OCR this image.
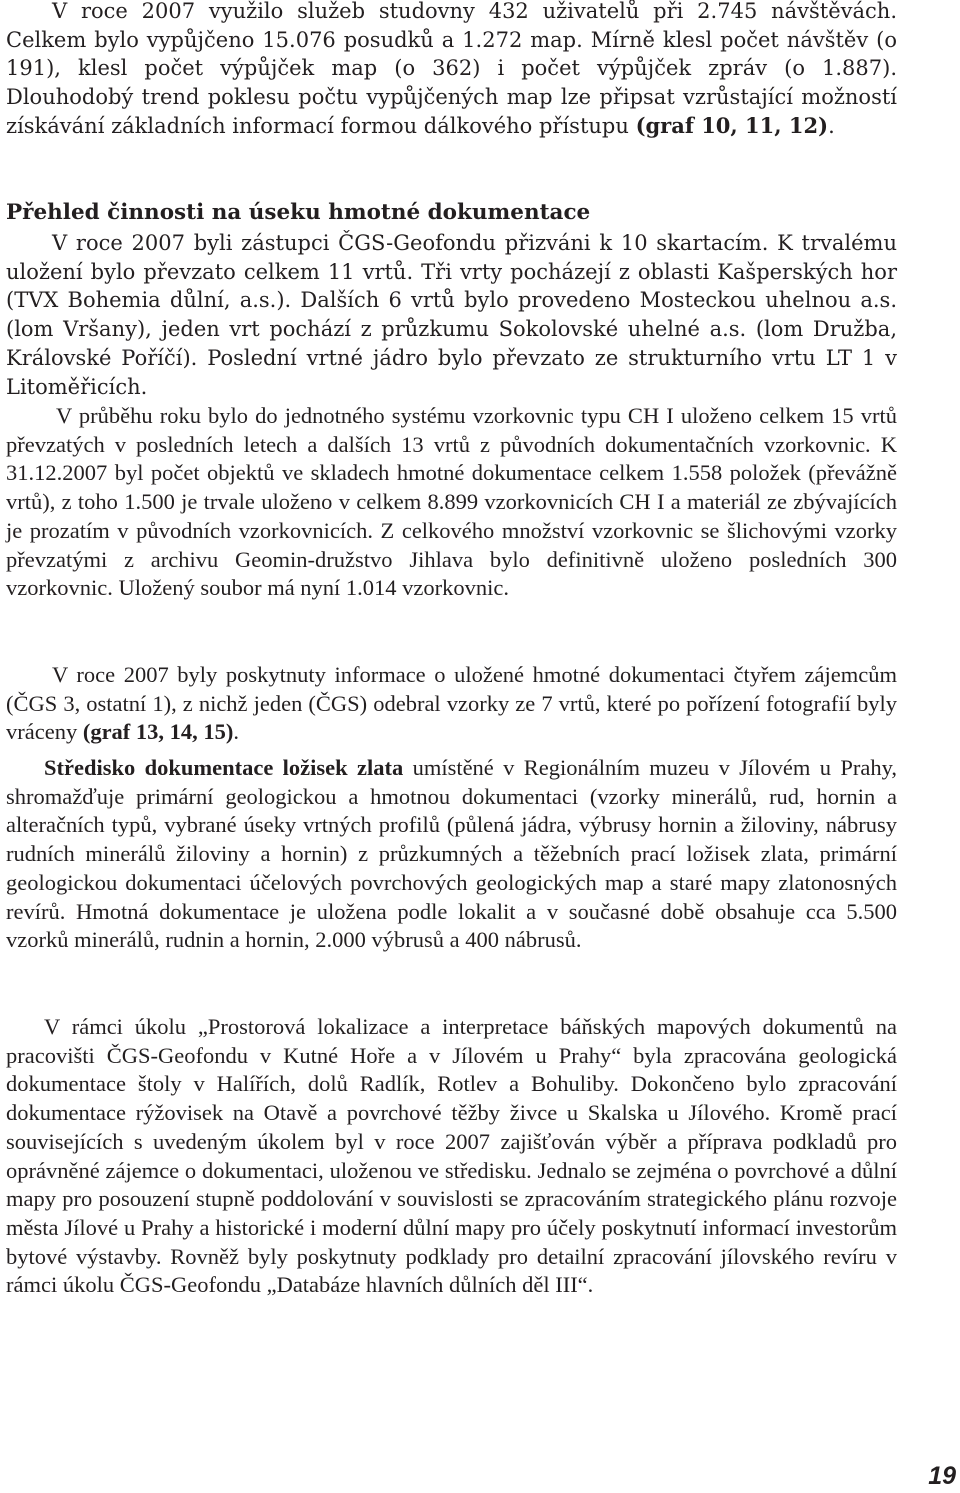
V roce 2007 využilo služeb studovny 432 uživatelů při 2.745 návštěvách. Celkem bylo vypůjčeno 15.076 posudků a 1.272 map. Mírně klesl počet návštěv (o 191), klesl počet výpůjček map (o 362) i počet výpůjček zpráv (o 1.887). Dlouhodobý trend poklesu počtu vypůjčených map lze připsat vzrůstající možností získávání základních informací formou dálkového přístupu (graf 10, 11, 12).

Přehled činnosti na úseku hmotné dokumentace

V roce 2007 byli zástupci ČGS-Geofondu přizváni k 10 skartacím. K trvalému uložení bylo převzato celkem 11 vrtů. Tři vrty pocházejí z oblasti Kašperských hor (TVX Bohemia důlní, a.s.). Dalších 6 vrtů bylo provedeno Mosteckou uhelnou a.s. (lom Vršany), jeden vrt pochází z průzkumu Sokolovské uhelné a.s. (lom Družba, Královské Poříčí). Poslední vrtné jádro bylo převzato ze strukturního vrtu LT 1 v Litoměřicích.

V průběhu roku bylo do jednotného systému vzorkovnic typu CH I uloženo celkem 15 vrtů převzatých v posledních letech a dalších 13 vrtů z původních dokumentačních vzorkovnic. K 31.12.2007 byl počet objektů ve skladech hmotné dokumentace celkem 1.558 položek (převážně vrtů), z toho 1.500 je trvale uloženo v celkem 8.899 vzorkovnicích CH I a materiál ze zbývajících je prozatím v původních vzorkovnicích. Z celkového množství vzorkovnic se šlichovými vzorky převzatými z archivu Geomin-družstvo Jihlava bylo definitivně uloženo posledních 300 vzorkovnic. Uložený soubor má nyní 1.014 vzorkovnic.

V roce 2007 byly poskytnuty informace o uložené hmotné dokumentaci čtyřem zájemcům (ČGS 3, ostatní 1), z nichž jeden (ČGS) odebral vzorky ze 7 vrtů, které po pořízení fotografií byly vráceny (graf 13, 14, 15).

Středisko dokumentace ložisek zlata umístěné v Regionálním muzeu v Jílovém u Prahy, shromažďuje primární geologickou a hmotnou dokumentaci (vzorky minerálů, rud, hornin a alteračních typů, vybrané úseky vrtných profilů (půlená jádra, výbrusy hornin a žiloviny, nábrusy rudních minerálů žiloviny a hornin) z průzkumných a těžebních prací ložisek zlata, primární geologickou dokumentaci účelových povrchových geologických map a staré mapy zlatonosných revírů. Hmotná dokumentace je uložena podle lokalit a v současné době obsahuje cca 5.500 vzorků minerálů, rudnin a hornin, 2.000 výbrusů a 400 nábrusů.

V rámci úkolu „Prostorová lokalizace a interpretace báňských mapových dokumentů na pracovišti ČGS-Geofondu v Kutné Hoře a v Jílovém u Prahy“ byla zpracována geologická dokumentace štoly v Halířích, dolů Radlík, Rotlev a Bohuliby. Dokončeno bylo zpracování dokumentace rýžovisek na Otavě a povrchové těžby živce u Skalska u Jílového. Kromě prací souvisejících s uvedeným úkolem byl v roce 2007 zajišťován výběr a příprava podkladů pro oprávněné zájemce o dokumentaci, uloženou ve středisku. Jednalo se zejména o povrchové a důlní mapy pro posouzení stupně poddolování v souvislosti se zpracováním strategického plánu rozvoje města Jílové u Prahy a historické i moderní důlní mapy pro účely poskytnutí informací investorům bytové výstavby. Rovněž byly poskytnuty podklady pro detailní zpracování jílovského revíru v rámci úkolu ČGS-Geofondu „Databáze hlavních důlních děl III“.

19
